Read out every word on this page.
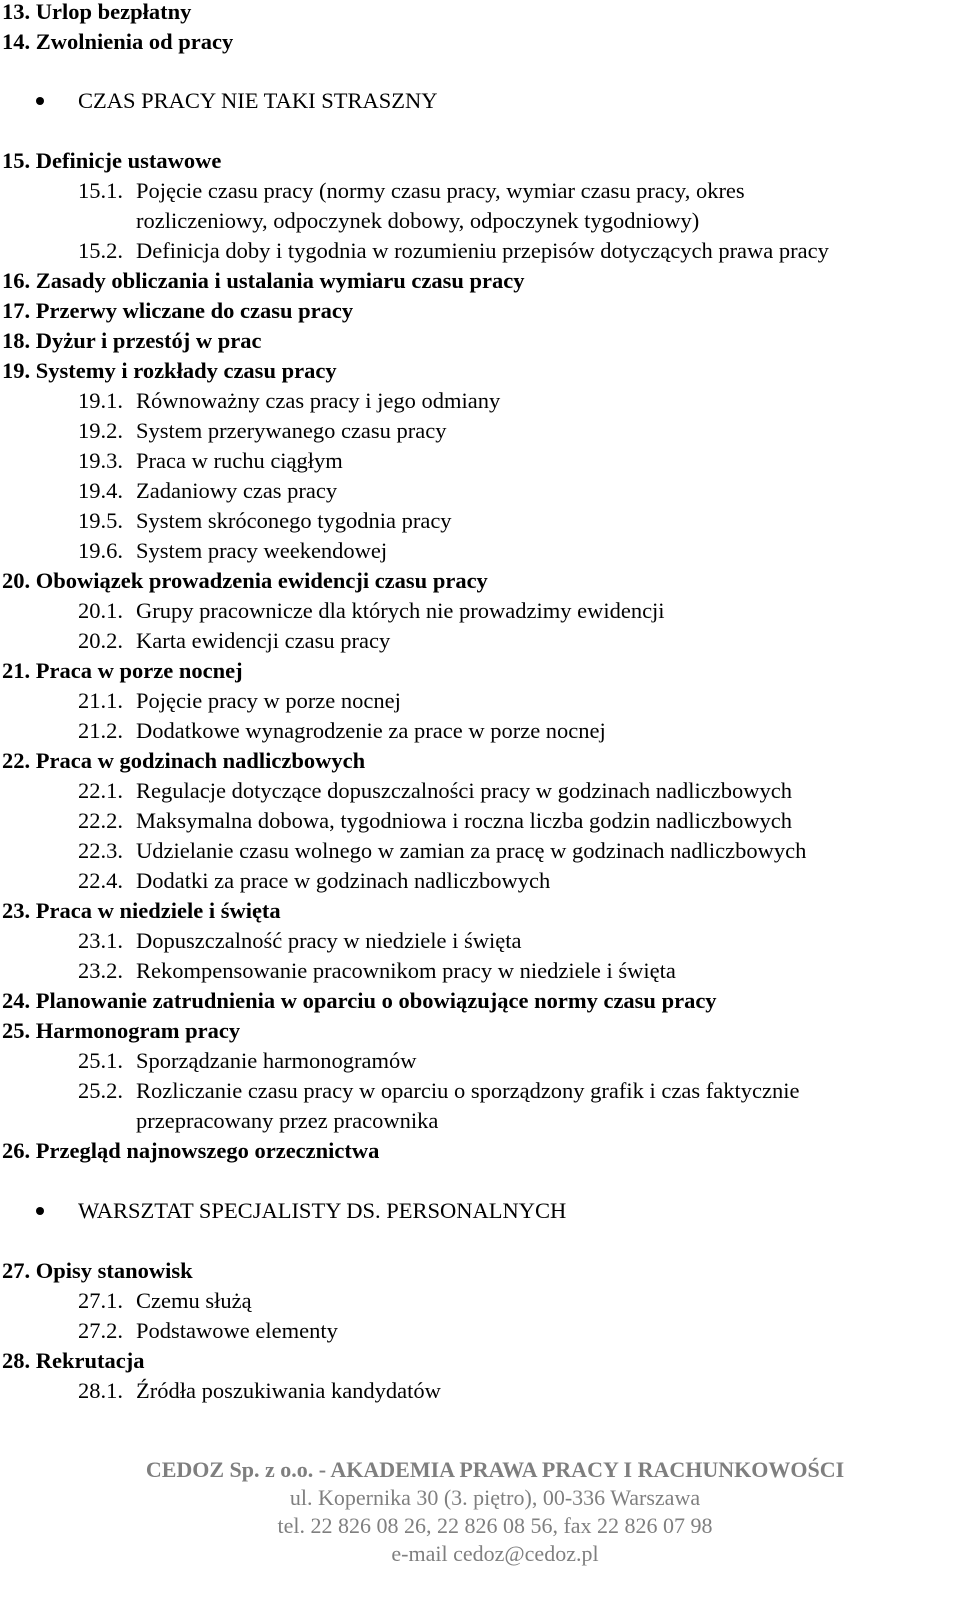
13. Urlop bezpłatny
14. Zwolnienia od pracy
CZAS PRACY NIE TAKI STRASZNY
15. Definicje ustawowe
15.1. Pojęcie czasu pracy (normy czasu pracy, wymiar czasu pracy, okres
rozliczeniowy, odpoczynek dobowy, odpoczynek tygodniowy)
15.2. Definicja doby i tygodnia w rozumieniu przepisów dotyczących prawa pracy
16. Zasady obliczania i ustalania wymiaru czasu pracy
17. Przerwy wliczane do czasu pracy
18. Dyżur i przestój w prac
19. Systemy i rozkłady czasu pracy
19.1. Równoważny czas pracy i jego odmiany
19.2. System przerywanego czasu pracy
19.3. Praca w ruchu ciągłym
19.4. Zadaniowy czas pracy
19.5. System skróconego tygodnia pracy
19.6. System pracy weekendowej
20. Obowiązek prowadzenia ewidencji czasu pracy
20.1. Grupy pracownicze dla których nie prowadzimy ewidencji
20.2. Karta ewidencji czasu pracy
21. Praca w porze nocnej
21.1. Pojęcie pracy w porze nocnej
21.2. Dodatkowe wynagrodzenie za prace w porze nocnej
22. Praca w godzinach nadliczbowych
22.1. Regulacje dotyczące dopuszczalności pracy w godzinach nadliczbowych
22.2. Maksymalna dobowa, tygodniowa i roczna liczba godzin nadliczbowych
22.3. Udzielanie czasu wolnego w zamian za pracę w godzinach nadliczbowych
22.4. Dodatki za prace w godzinach nadliczbowych
23. Praca w niedziele i święta
23.1. Dopuszczalność pracy w niedziele i święta
23.2. Rekompensowanie pracownikom pracy w niedziele i święta
24. Planowanie zatrudnienia w oparciu o obowiązujące normy czasu pracy
25. Harmonogram pracy
25.1. Sporządzanie harmonogramów
25.2. Rozliczanie czasu pracy w oparciu o sporządzony grafik i czas faktycznie
przepracowany przez pracownika
26. Przegląd najnowszego orzecznictwa
WARSZTAT SPECJALISTY DS. PERSONALNYCH
27. Opisy stanowisk
27.1. Czemu służą
27.2. Podstawowe elementy
28. Rekrutacja
28.1. Źródła poszukiwania kandydatów
CEDOZ Sp. z o.o. - AKADEMIA PRAWA PRACY I RACHUNKOWOŚCI
ul. Kopernika 30 (3. piętro), 00-336 Warszawa
tel. 22 826 08 26, 22 826 08 56, fax 22 826 07 98
e-mail cedoz@cedoz.pl
